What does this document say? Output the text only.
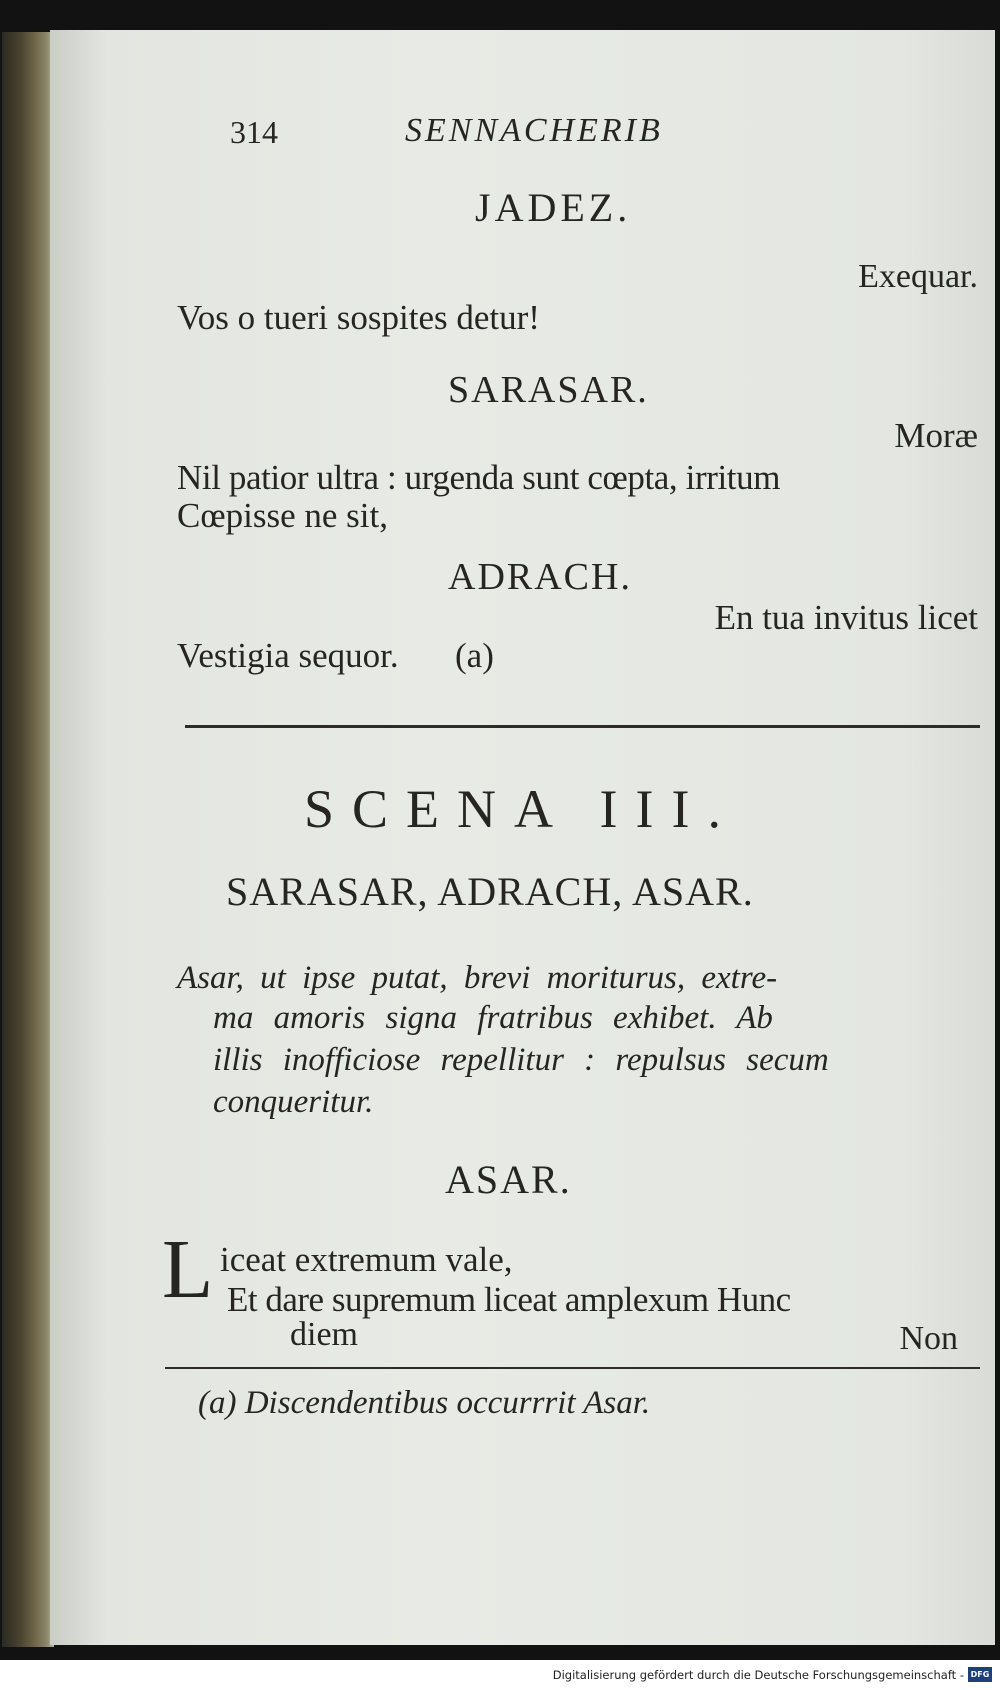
314	SENNACHERIB
JADEZ.
Exequar.
Vos o tueri sospites detur!
SARASAR.
Moræ
Nil patior ultra : urgenda sunt cœpta, irritum
Cœpisse ne sit,
ADRACH.
En tua invitus licet
Vestigia sequor. (a)
SCENA III.
SARASAR, ADRACH, ASAR.
Asar, ut ipse putat, brevi moriturus, extre-
ma amoris signa fratribus exhibet. Ab
illis inofficiose repellitur : repulsus secum
conqueritur.
ASAR.
L iceat extremum vale,
Et dare supremum liceat amplexum Hunc
diem	Non
(a) Discendentibus occurrrit Asar.
Digitalisierung gefördert durch die Deutsche Forschungsgemeinschaft - DFG
